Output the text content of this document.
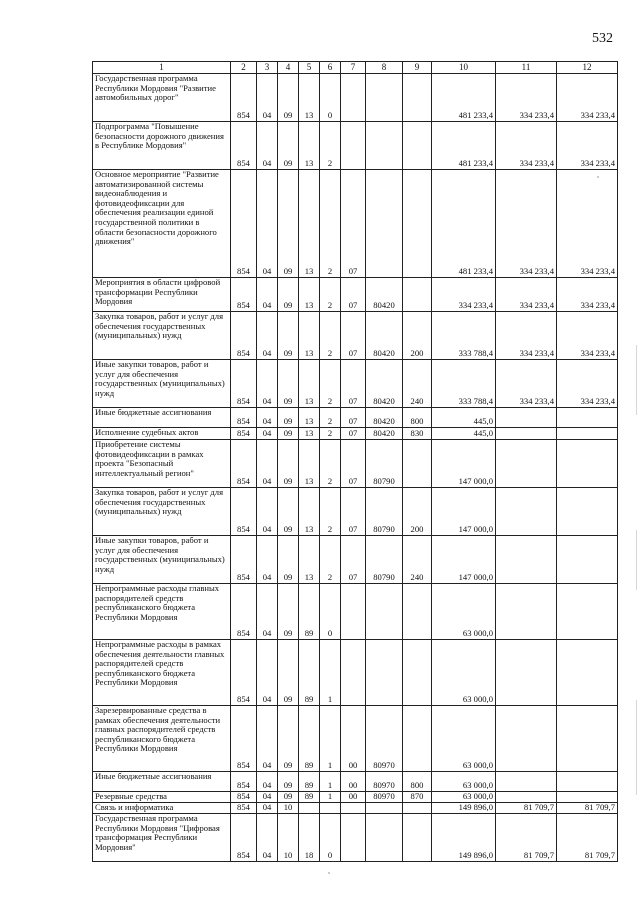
532
1	2	3	4	5	6	7	8	9	10	11	12
Государственная программа Республики Мордовия "Развитие автомобильных дорог"	854	04	09	13	0				481 233,4	334 233,4	334 233,4
Подпрограмма "Повышение безопасности дорожного движения в Республике Мордовия"	854	04	09	13	2				481 233,4	334 233,4	334 233,4
Основное мероприятие "Развитие автоматизированной системы видеонаблюдения и фотовидеофиксации для обеспечения реализации единой государственной политики в области безопасности дорожного движения"	854	04	09	13	2	07			481 233,4	334 233,4	334 233,4
Мероприятия в области цифровой трансформации Республики Мордовия	854	04	09	13	2	07	80420		334 233,4	334 233,4	334 233,4
Закупка товаров, работ и услуг для обеспечения государственных (муниципальных) нужд	854	04	09	13	2	07	80420	200	333 788,4	334 233,4	334 233,4
Иные закупки товаров, работ и услуг для обеспечения государственных (муниципальных) нужд	854	04	09	13	2	07	80420	240	333 788,4	334 233,4	334 233,4
Иные бюджетные ассигнования	854	04	09	13	2	07	80420	800	445,0		
Исполнение судебных актов	854	04	09	13	2	07	80420	830	445,0		
Приобретение системы фотовидеофиксации в рамках проекта "Безопасный интеллектуальный регион"	854	04	09	13	2	07	80790		147 000,0		
Закупка товаров, работ и услуг для обеспечения государственных (муниципальных) нужд	854	04	09	13	2	07	80790	200	147 000,0		
Иные закупки товаров, работ и услуг для обеспечения государственных (муниципальных) нужд	854	04	09	13	2	07	80790	240	147 000,0		
Непрограммные расходы главных распорядителей средств республиканского бюджета Республики Мордовия	854	04	09	89	0				63 000,0		
Непрограммные расходы в рамках обеспечения деятельности главных распорядителей средств республиканского бюджета Республики Мордовия	854	04	09	89	1				63 000,0		
Зарезервированные средства в рамках обеспечения деятельности главных распорядителей средств республиканского бюджета Республики Мордовия	854	04	09	89	1	00	80970		63 000,0		
Иные бюджетные ассигнования	854	04	09	89	1	00	80970	800	63 000,0		
Резервные средства	854	04	09	89	1	00	80970	870	63 000,0		
Связь и информатика	854	04	10						149 896,0	81 709,7	81 709,7
Государственная программа Республики Мордовия "Цифровая трансформация Республики Мордовия"	854	04	10	18	0				149 896,0	81 709,7	81 709,7
